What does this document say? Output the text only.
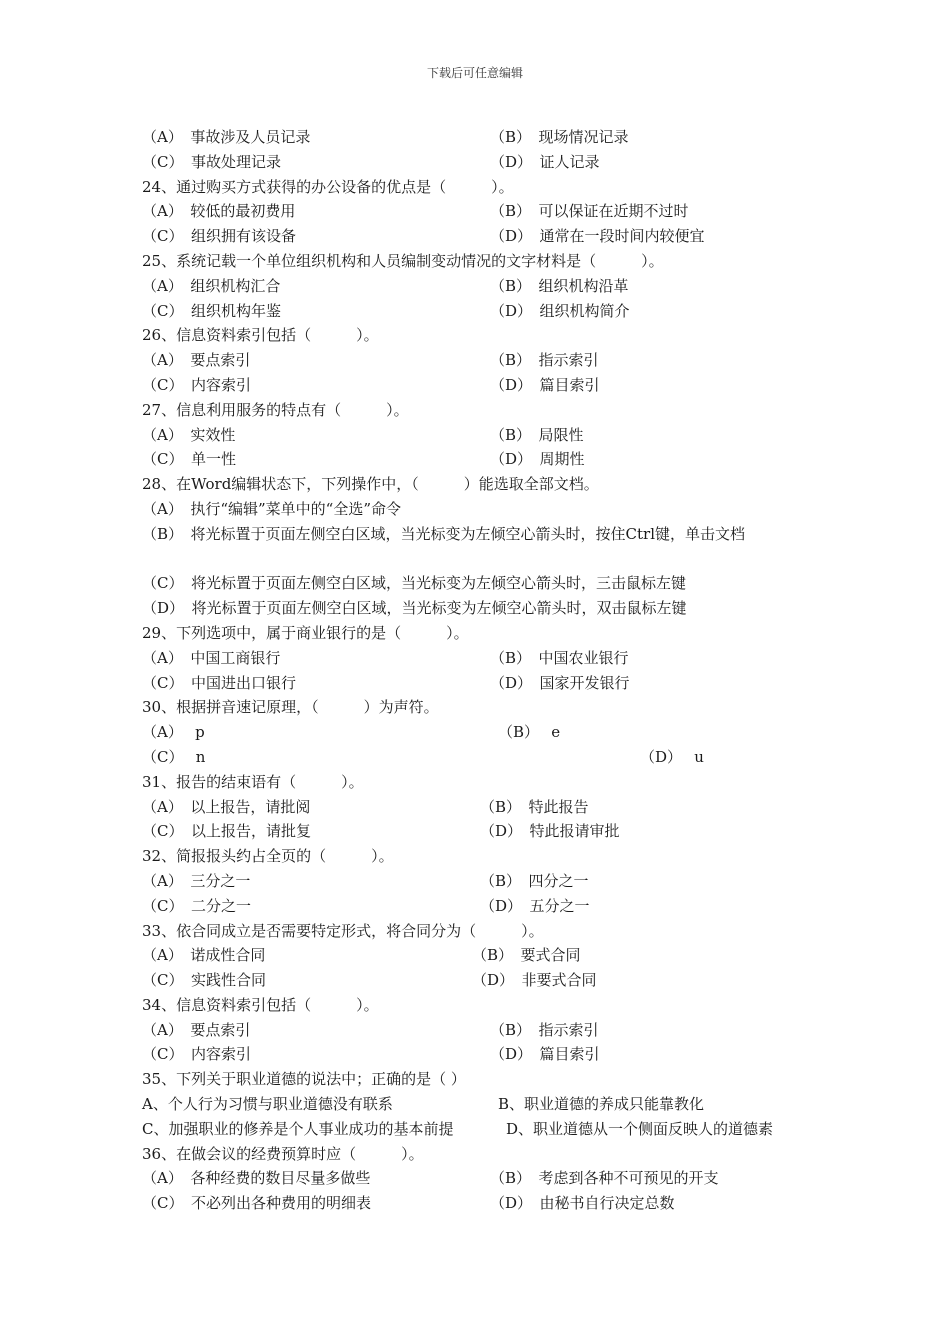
下载后可任意编辑
（A）　事故涉及人员记录	（B）　现场情况记录
（C）　事故处理记录	（D）　证人记录
24、通过购买方式获得的办公设备的优点是（　　　）。
（A）　较低的最初费用	（B）　可以保证在近期不过时
（C）　组织拥有该设备	（D）　通常在一段时间内较便宜
25、系统记载一个单位组织机构和人员编制变动情况的文字材料是（　　　）。
（A）　组织机构汇合	（B）　组织机构沿革
（C）　组织机构年鉴	（D）　组织机构简介
26、信息资料索引包括（　　　）。
（A）　要点索引	（B）　指示索引
（C）　内容索引	（D）　篇目索引
27、信息利用服务的特点有（　　　）。
（A）　实效性	（B）　局限性
（C）　单一性	（D）　周期性
28、在Word编辑状态下，下列操作中，（　　　）能选取全部文档。
（A）　执行“编辑”菜单中的“全选”命令
（B）　将光标置于页面左侧空白区域，当光标变为左倾空心箭头时，按住Ctrl键，单击文档
（C）　将光标置于页面左侧空白区域，当光标变为左倾空心箭头时，三击鼠标左键
（D）　将光标置于页面左侧空白区域，当光标变为左倾空心箭头时，双击鼠标左键
29、下列选项中，属于商业银行的是（　　　）。
（A）　中国工商银行	（B）　中国农业银行
（C）　中国进出口银行	（D）　国家开发银行
30、根据拼音速记原理，（　　　）为声符。
（A）　 p	（B）　 e
（C）　 n	（D）　 u
31、报告的结束语有（　　　）。
（A）　以上报告，请批阅	（B）　特此报告
（C）　以上报告，请批复	（D）　特此报请审批
32、简报报头约占全页的（　　　）。
（A）　三分之一	（B）　四分之一
（C）　二分之一	（D）　五分之一
33、依合同成立是否需要特定形式，将合同分为（　　　）。
（A）　诺成性合同	（B）　要式合同
（C）　实践性合同	（D）　非要式合同
34、信息资料索引包括（　　　）。
（A）　要点索引	（B）　指示索引
（C）　内容索引	（D）　篇目索引
35、下列关于职业道德的说法中；正确的是（ ）
A、个人行为习惯与职业道德没有联系	B、职业道德的养成只能靠教化
C、加强职业的修养是个人事业成功的基本前提	D、职业道德从一个侧面反映人的道德素
36、在做会议的经费预算时应（　　　）。
（A）　各种经费的数目尽量多做些	（B）　考虑到各种不可预见的开支
（C）　不必列出各种费用的明细表	（D）　由秘书自行决定总数
